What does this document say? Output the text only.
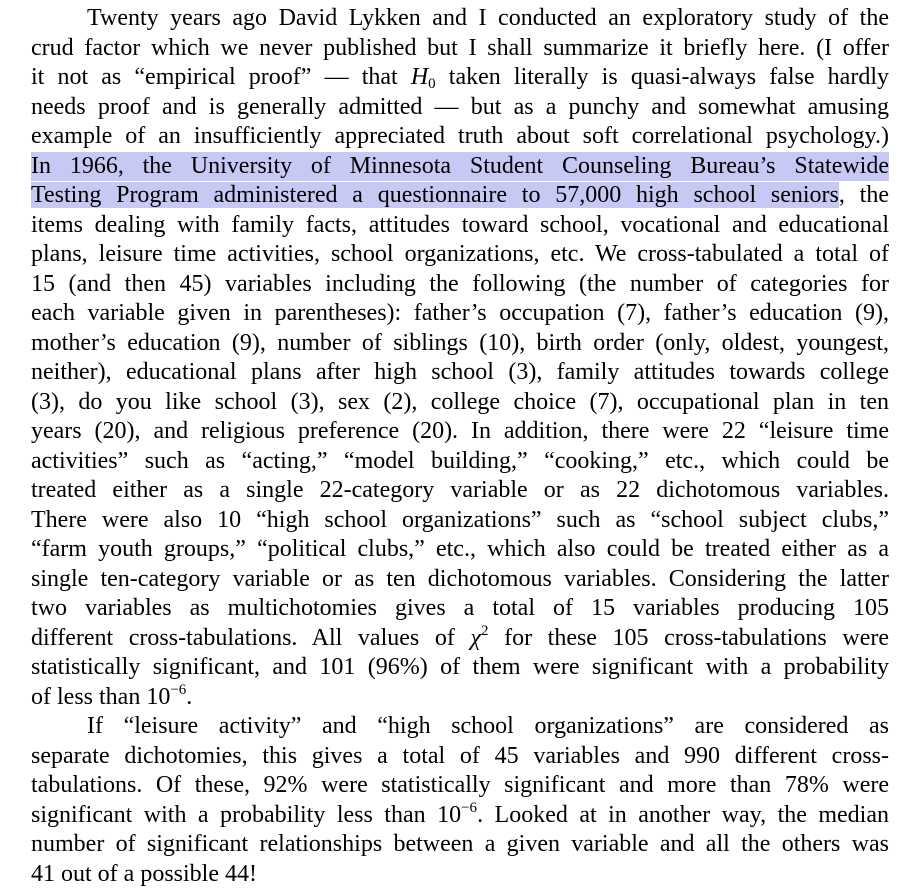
Twenty years ago David Lykken and I conducted an exploratory study of the
crud factor which we never published but I shall summarize it briefly here. (I offer
it not as “empirical proof” — that $H_0$ taken literally is quasi-always false hardly
needs proof and is generally admitted — but as a punchy and somewhat amusing
example of an insufficiently appreciated truth about soft correlational psychology.)
In 1966, the University of Minnesota Student Counseling Bureau’s Statewide
Testing Program administered a questionnaire to 57,000 high school seniors, the
items dealing with family facts, attitudes toward school, vocational and educational
plans, leisure time activities, school organizations, etc. We cross-tabulated a total of
15 (and then 45) variables including the following (the number of categories for
each variable given in parentheses): father’s occupation (7), father’s education (9),
mother’s education (9), number of siblings (10), birth order (only, oldest, youngest,
neither), educational plans after high school (3), family attitudes towards college
(3), do you like school (3), sex (2), college choice (7), occupational plan in ten
years (20), and religious preference (20). In addition, there were 22 “leisure time
activities” such as “acting,” “model building,” “cooking,” etc., which could be
treated either as a single 22-category variable or as 22 dichotomous variables.
There were also 10 “high school organizations” such as “school subject clubs,”
“farm youth groups,” “political clubs,” etc., which also could be treated either as a
single ten-category variable or as ten dichotomous variables. Considering the latter
two variables as multichotomies gives a total of 15 variables producing 105
different cross-tabulations. All values of $\chi^2$ for these 105 cross-tabulations were
statistically significant, and 101 (96%) of them were significant with a probability
of less than $10^{-6}$.
If “leisure activity” and “high school organizations” are considered as
separate dichotomies, this gives a total of 45 variables and 990 different cross-
tabulations. Of these, 92% were statistically significant and more than 78% were
significant with a probability less than $10^{-6}$. Looked at in another way, the median
number of significant relationships between a given variable and all the others was
41 out of a possible 44!
